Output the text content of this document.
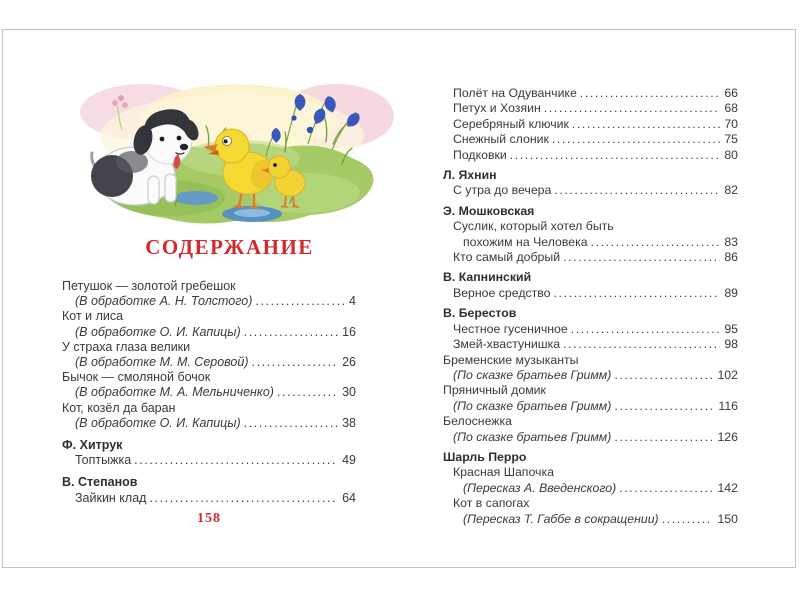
СОДЕРЖАНИЕ
Петушок — золотой гребешок
(В обработке А. Н. Толстого) .....	4
Кот и лиса
(В обработке О. И. Капицы) .....	16
У страха глаза велики
(В обработке М. М. Серовой) .....	26
Бычок — смоляной бочок
(В обработке М. А. Мельниченко) .....	30
Кот, козёл да баран
(В обработке О. И. Капицы) .....	38
Ф. Хитрук
Топтыжка .....	49
В. Степанов
Зайкин клад .....	64
158
Полёт на Одуванчике .....	66
Петух и Хозяин .....	68
Серебряный ключик .....	70
Снежный слоник .....	75
Подковки .....	80
Л. Яхнин
С утра до вечера .....	82
Э. Мошковская
Суслик, который хотел быть
похожим на Человека .....	83
Кто самый добрый .....	86
В. Капнинский
Верное средство .....	89
В. Берестов
Честное гусеничное .....	95
Змей-хвастунишка .....	98
Бременские музыканты
(По сказке братьев Гримм) .....	102
Пряничный домик
(По сказке братьев Гримм) .....	116
Белоснежка
(По сказке братьев Гримм) .....	126
Шарль Перро
Красная Шапочка
(Пересказ А. Введенского) .....	142
Кот в сапогах
(Пересказ Т. Габбе в сокращении) .....	150
